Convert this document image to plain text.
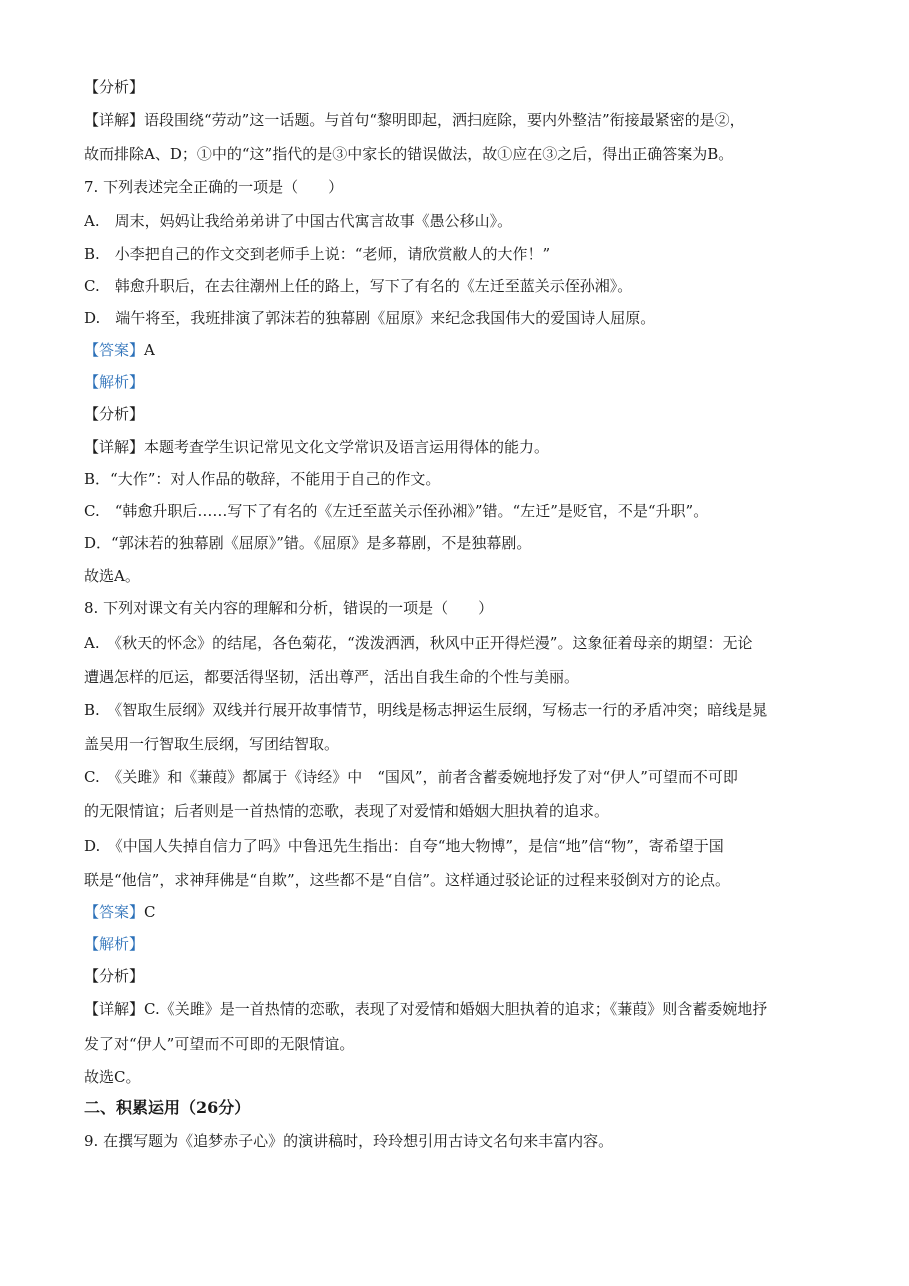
【分析】
【详解】语段围绕“劳动”这一话题。与首句“黎明即起，洒扫庭除，要内外整洁”衔接最紧密的是②，
故而排除A、D；①中的“这”指代的是③中家长的错误做法，故①应在③之后，得出正确答案为B。
7. 下列表述完全正确的一项是（　　）
A.　周末，妈妈让我给弟弟讲了中国古代寓言故事《愚公移山》。
B.　小李把自己的作文交到老师手上说：“老师，请欣赏敝人的大作！”
C.　韩愈升职后，在去往潮州上任的路上，写下了有名的《左迁至蓝关示侄孙湘》。
D.　端午将至，我班排演了郭沫若的独幕剧《屈原》来纪念我国伟大的爱国诗人屈原。
【答案】A
【解析】
【分析】
【详解】本题考查学生识记常见文化文学常识及语言运用得体的能力。
B．“大作”：对人作品的敬辞，不能用于自己的作文。
C.　“韩愈升职后……写下了有名的《左迁至蓝关示侄孙湘》”错。“左迁”是贬官，不是“升职”。
D．“郭沫若的独幕剧《屈原》”错。《屈原》是多幕剧，不是独幕剧。
故选A。
8. 下列对课文有关内容的理解和分析，错误的一项是（　　）
A.　《秋天的怀念》的结尾，各色菊花，“泼泼洒洒，秋风中正开得烂漫”。这象征着母亲的期望：无论
遭遇怎样的厄运，都要活得坚韧，活出尊严，活出自我生命的个性与美丽。
B.　《智取生辰纲》双线并行展开故事情节，明线是杨志押运生辰纲，写杨志一行的矛盾冲突；暗线是晁
盖吴用一行智取生辰纲，写团结智取。
C.　《关雎》和《蒹葭》都属于《诗经》中　“国风”，前者含蓄委婉地抒发了对“伊人”可望而不可即
的无限情谊；后者则是一首热情的恋歌，表现了对爱情和婚姻大胆执着的追求。
D.　《中国人失掉自信力了吗》中鲁迅先生指出：自夸“地大物博”，是信“地”信“物”，寄希望于国
联是“他信”，求神拜佛是“自欺”，这些都不是“自信”。这样通过驳论证的过程来驳倒对方的论点。
【答案】C
【解析】
【分析】
【详解】C.《关雎》是一首热情的恋歌，表现了对爱情和婚姻大胆执着的追求；《蒹葭》则含蓄委婉地抒
发了对“伊人”可望而不可即的无限情谊。
故选C。
二、积累运用（26分）
9. 在撰写题为《追梦赤子心》的演讲稿时，玲玲想引用古诗文名句来丰富内容。
